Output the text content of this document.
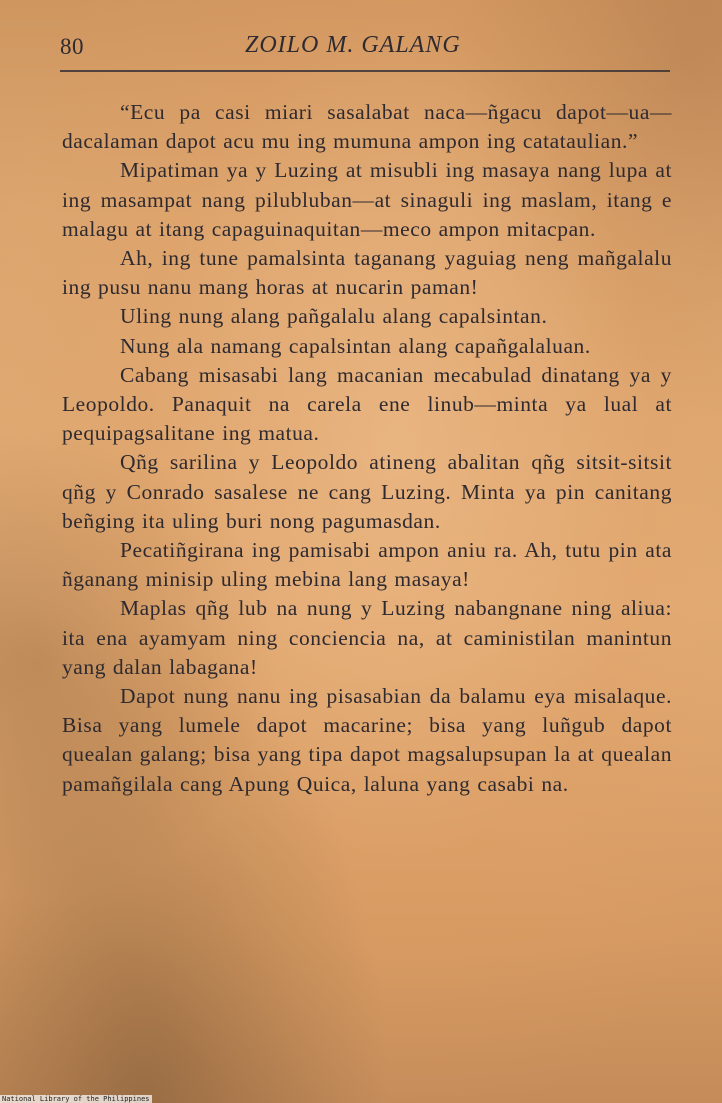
80	ZOILO M. GALANG

“Ecu pa casi miari sasalabat naca—ñgacu dapot—ua—dacalaman dapot acu mu ing mumuna ampon ing catataulian.”

Mipatiman ya y Luzing at misubli ing masaya nang lupa at ing masampat nang pilubluban—at sinaguli ing maslam, itang e malagu at itang capaguinaquitan—meco ampon mitacpan.

Ah, ing tune pamalsinta taganang yaguiag neng mañgalalu ing pusu nanu mang horas at nucarin paman!

Uling nung alang pañgalalu alang capalsintan.

Nung ala namang capalsintan alang capañgalaluan.

Cabang misasabi lang macanian mecabulad dinatang ya y Leopoldo. Panaquit na carela ene linub—minta ya lual at pequipagsalitane ing matua.

Qñg sarilina y Leopoldo atineng abalitan qñg sitsit-sitsit qñg y Conrado sasalese ne cang Luzing. Minta ya pin canitang beñging ita uling buri nong pagumasdan.

Pecatiñgirana ing pamisabi ampon aniu ra. Ah, tutu pin ata ñganang minisip uling mebina lang masaya!

Maplas qñg lub na nung y Luzing nabangnane ning aliua: ita ena ayamyam ning conciencia na, at caministilan manintun yang dalan labagana!

Dapot nung nanu ing pisasabian da balamu eya misalaque. Bisa yang lumele dapot macarine; bisa yang luñgub dapot quealan galang; bisa yang tipa dapot magsalupsupan la at quealan pamañgilala cang Apung Quica, laluna yang casabi na.

National Library of the Philippines
